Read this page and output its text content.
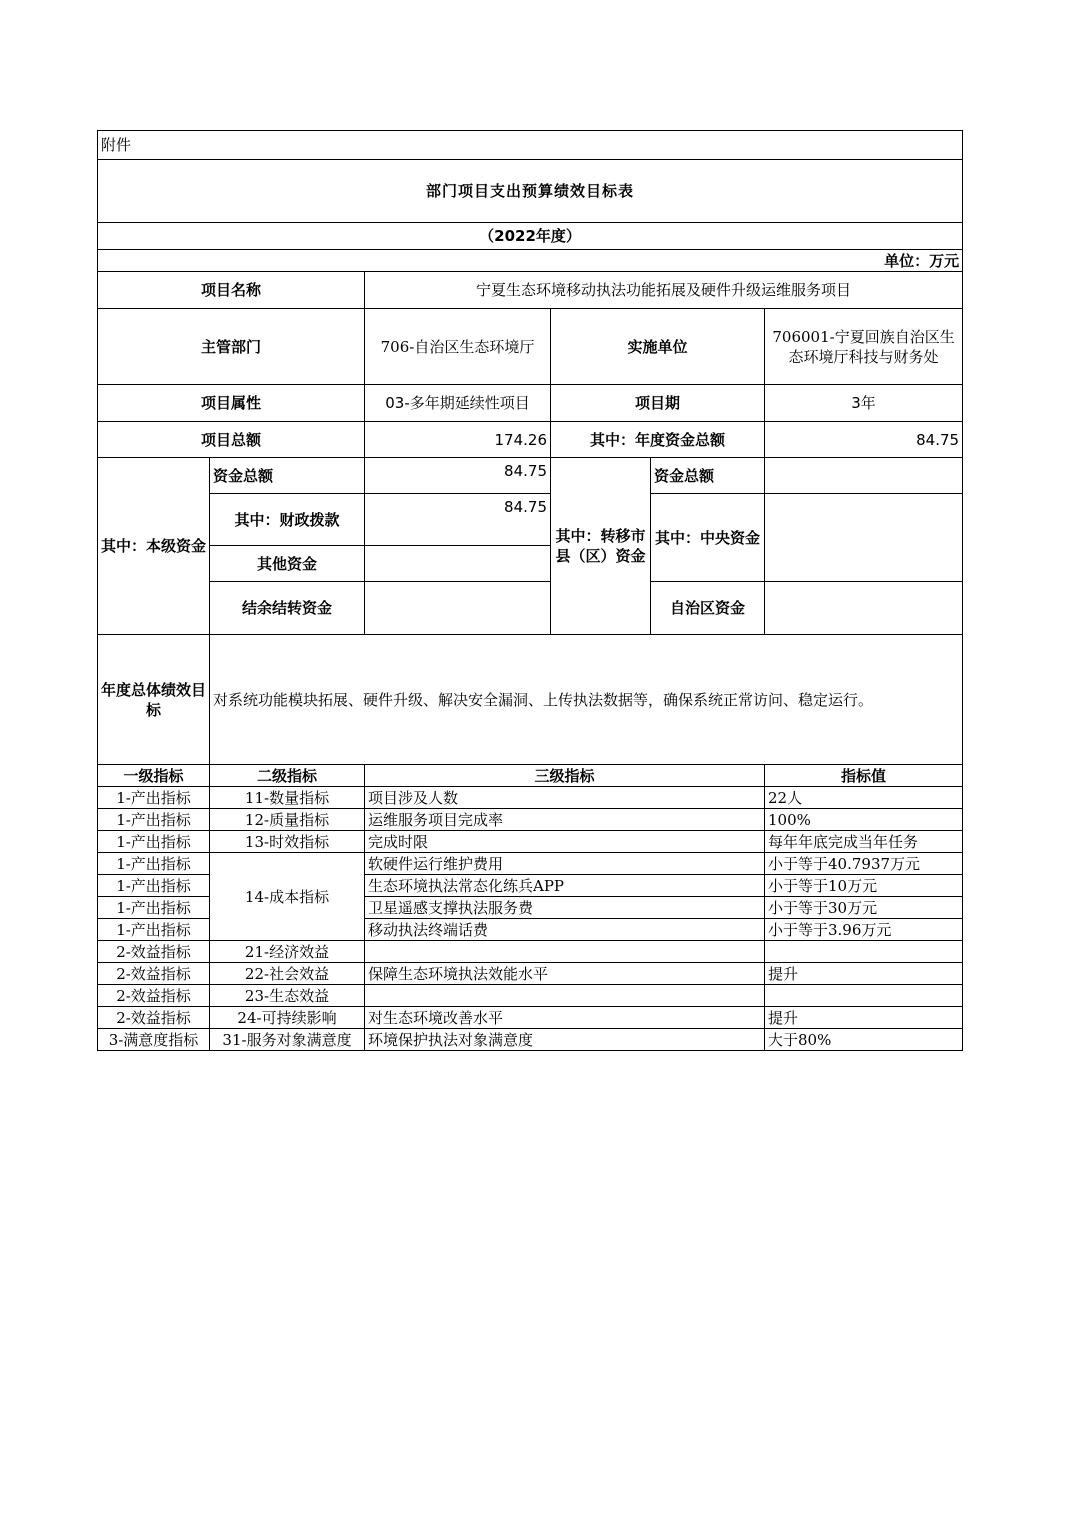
附件					
部门项目支出预算绩效目标表					
（2022年度）					
单位：万元					
项目名称		宁夏生态环境移动执法功能拓展及硬件升级运维服务项目			
主管部门		706-自治区生态环境厅	实施单位		706001-宁夏回族自治区生态环境厅科技与财务处
项目属性		03-多年期延续性项目	项目期		3年
项目总额		174.26	其中：年度资金总额		84.75
其中：本级资金	资金总额	84.75	其中：转移市县（区）资金	资金总额	
	其中：财政拨款	84.75		其中：中央资金	
	其他资金				
	结余结转资金			自治区资金	
年度总体绩效目标	对系统功能模块拓展、硬件升级、解决安全漏洞、上传执法数据等，确保系统正常访问、稳定运行。				
一级指标	二级指标	三级指标			指标值
1-产出指标	11-数量指标	项目涉及人数			22人
1-产出指标	12-质量指标	运维服务项目完成率			100%
1-产出指标	13-时效指标	完成时限			每年年底完成当年任务
1-产出指标	14-成本指标	软硬件运行维护费用			小于等于40.7937万元
1-产出指标		生态环境执法常态化练兵APP			小于等于10万元
1-产出指标		卫星遥感支撑执法服务费			小于等于30万元
1-产出指标		移动执法终端话费			小于等于3.96万元
2-效益指标	21-经济效益				
2-效益指标	22-社会效益	保障生态环境执法效能水平			提升
2-效益指标	23-生态效益				
2-效益指标	24-可持续影响	对生态环境改善水平			提升
3-满意度指标	31-服务对象满意度	环境保护执法对象满意度			大于80%
